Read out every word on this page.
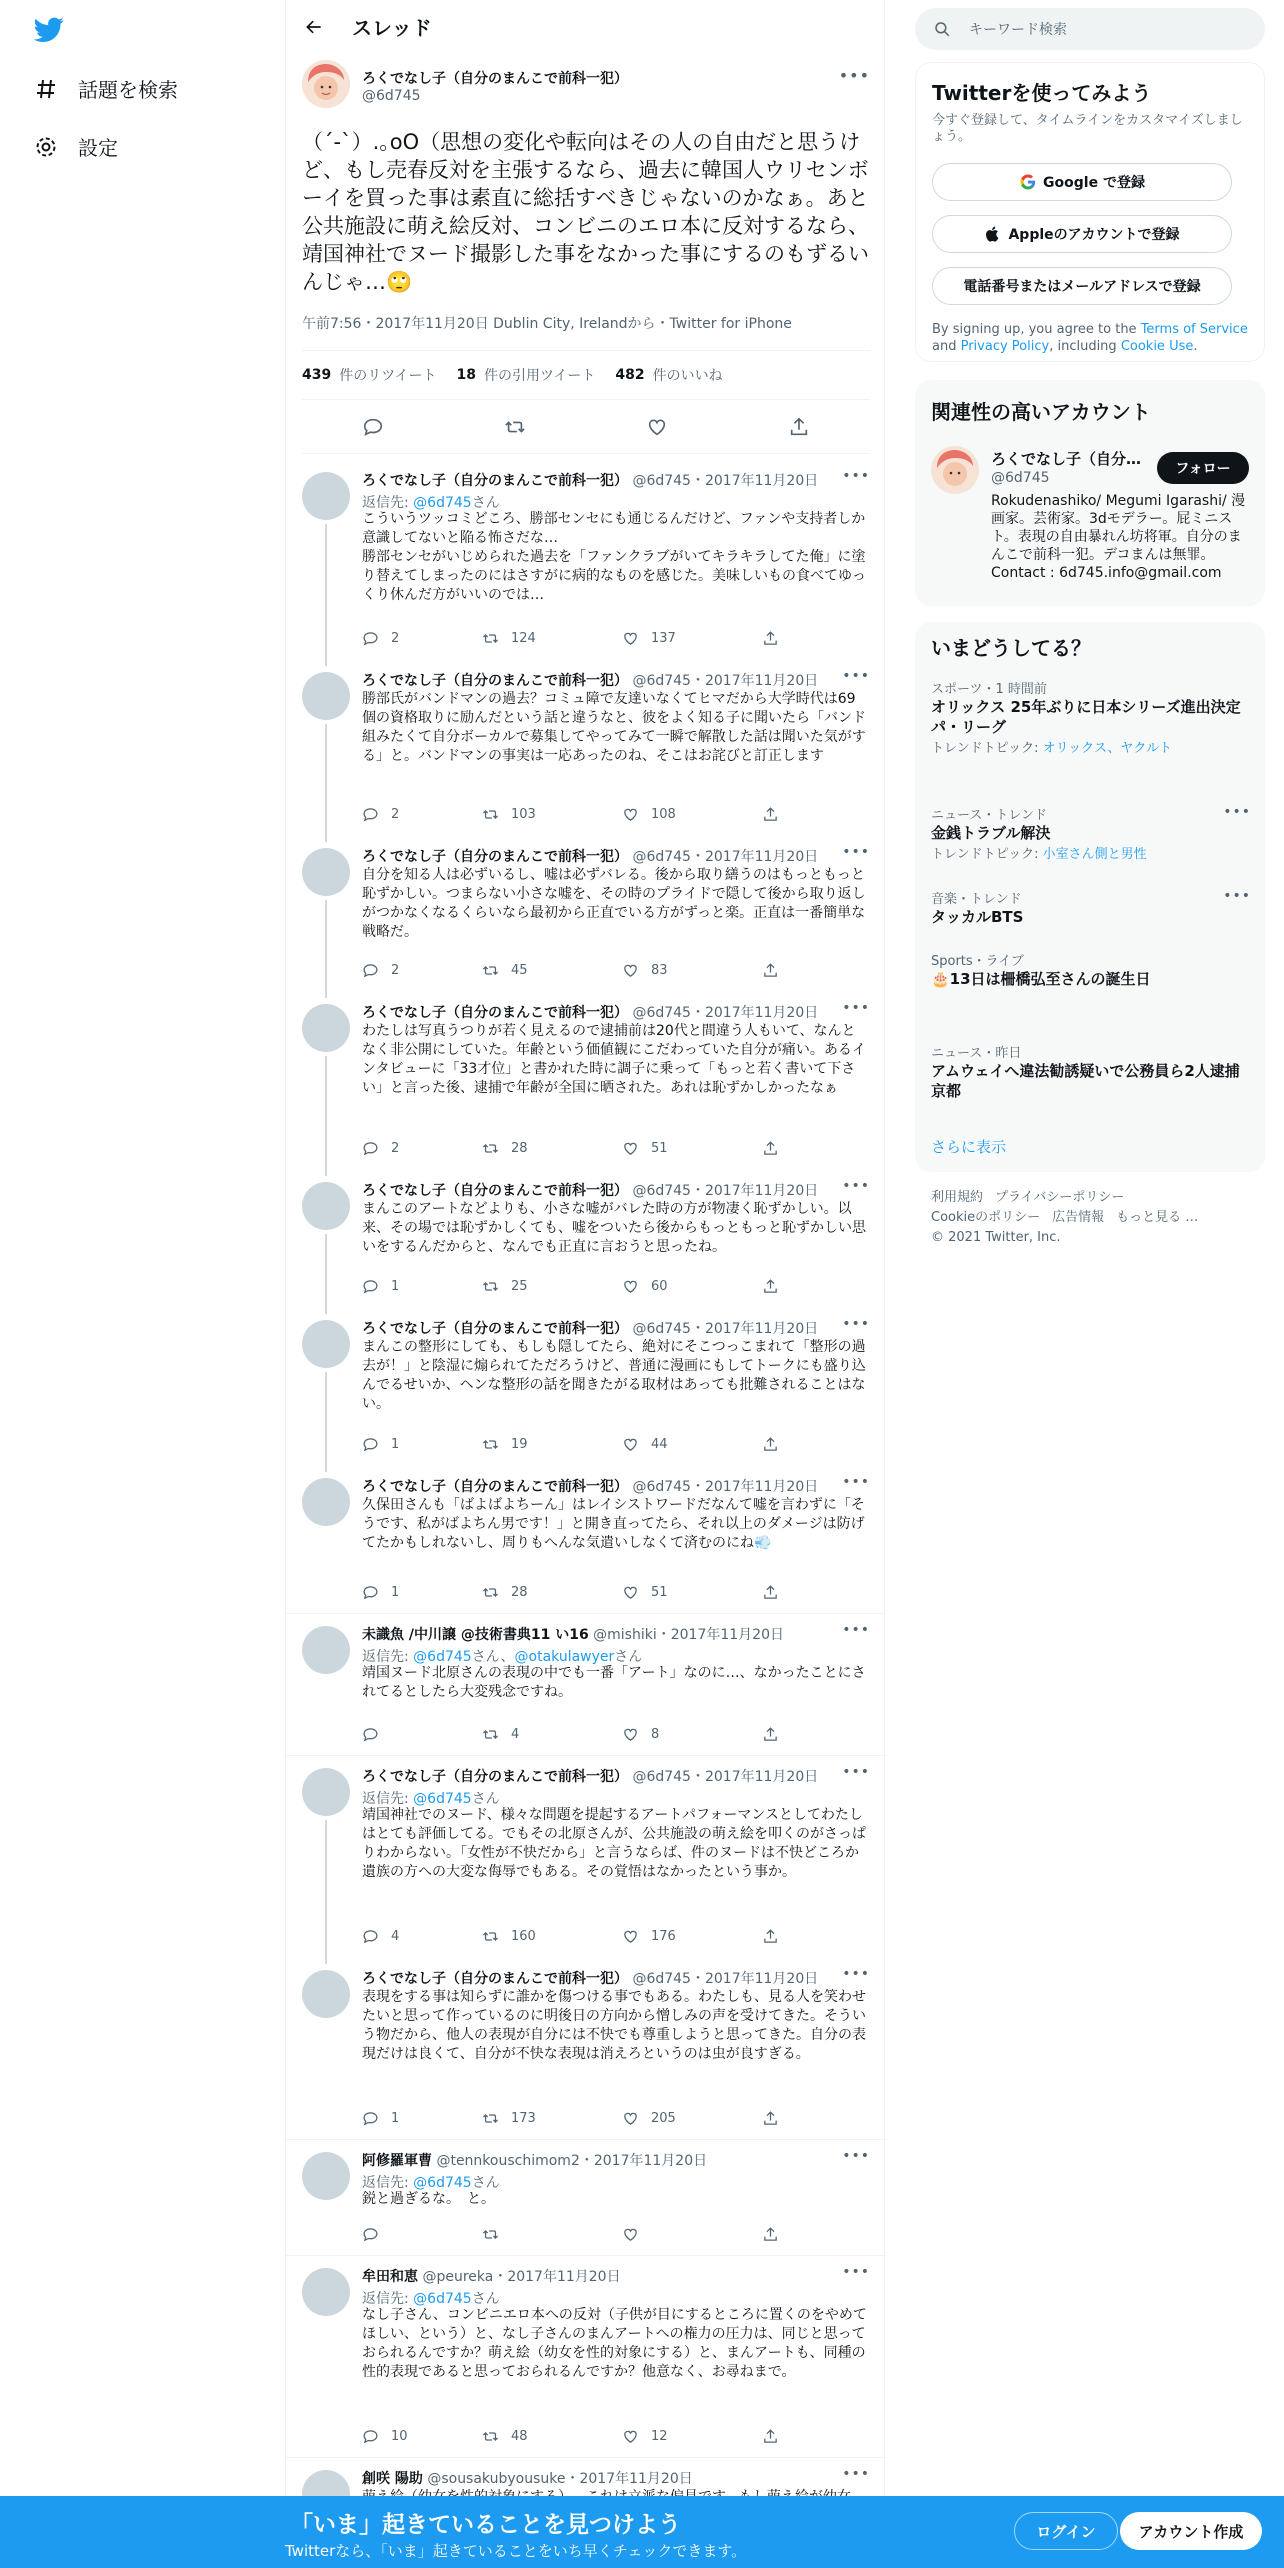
話題を検索
設定
スレッド
ろくでなし子（自分のまんこで前科一犯）
@6d745
•••
（´-`）.｡oO（思想の変化や転向はその人の自由だと思うけど、もし売春反対を主張するなら、過去に韓国人ウリセンボーイを買った事は素直に総括すべきじゃないのかなぁ。あと公共施設に萌え絵反対、コンビニのエロ本に反対するなら、靖国神社でヌード撮影した事をなかった事にするのもずるいんじゃ…🙄
午前7:56・2017年11月20日 Dublin City, Irelandから・Twitter for iPhone
439 件のリツイート 18 件の引用ツイート 482 件のいいね
ろくでなし子（自分のまんこで前科一犯） @6d745・2017年11月20日 •••
返信先: @6d745さん
こういうツッコミどころ、勝部センセにも通じるんだけど、ファンや支持者しか意識してないと陥る怖さだな…
勝部センセがいじめられた過去を「ファンクラブがいてキラキラしてた俺」に塗り替えてしまったのにはさすがに病的なものを感じた。美味しいもの食べてゆっくり休んだ方がいいのでは…
2	124	137
ろくでなし子（自分のまんこで前科一犯） @6d745・2017年11月20日 •••
勝部氏がバンドマンの過去？コミュ障で友達いなくてヒマだから大学時代は69個の資格取りに励んだという話と違うなと、彼をよく知る子に聞いたら「バンド組みたくて自分ボーカルで募集してやってみて一瞬で解散した話は聞いた気がする」と。バンドマンの事実は一応あったのね、そこはお詫びと訂正します
2	103	108
ろくでなし子（自分のまんこで前科一犯） @6d745・2017年11月20日 •••
自分を知る人は必ずいるし、嘘は必ずバレる。後から取り繕うのはもっともっと恥ずかしい。つまらない小さな嘘を、その時のプライドで隠して後から取り返しがつかなくなるくらいなら最初から正直でいる方がずっと楽。正直は一番簡単な戦略だ。
2	45	83
ろくでなし子（自分のまんこで前科一犯） @6d745・2017年11月20日 •••
わたしは写真うつりが若く見えるので逮捕前は20代と間違う人もいて、なんとなく非公開にしていた。年齢という価値観にこだわっていた自分が痛い。あるインタビューに「33才位」と書かれた時に調子に乗って「もっと若く書いて下さい」と言った後、逮捕で年齢が全国に晒された。あれは恥ずかしかったなぁ
2	28	51
ろくでなし子（自分のまんこで前科一犯） @6d745・2017年11月20日 •••
まんこのアートなどよりも、小さな嘘がバレた時の方が物凄く恥ずかしい。以来、その場では恥ずかしくても、嘘をついたら後からもっともっと恥ずかしい思いをするんだからと、なんでも正直に言おうと思ったね。
1	25	60
ろくでなし子（自分のまんこで前科一犯） @6d745・2017年11月20日 •••
まんこの整形にしても、もしも隠してたら、絶対にそこつっこまれて「整形の過去が！」と陰湿に煽られてただろうけど、普通に漫画にもしてトークにも盛り込んでるせいか、ヘンな整形の話を聞きたがる取材はあっても批難されることはない。
1	19	44
ろくでなし子（自分のまんこで前科一犯） @6d745・2017年11月20日 •••
久保田さんも「ばよばよちーん」はレイシストワードだなんて嘘を言わずに「そうです、私がばよちん男です！」と開き直ってたら、それ以上のダメージは防げてたかもしれないし、周りもへんな気遣いしなくて済むのにね💨
1	28	51
未識魚 /中川譲 @技術書典11 い16 @mishiki・2017年11月20日	•••
返信先: @6d745さん、@otakulawyerさん
靖国ヌード北原さんの表現の中でも一番「アート」なのに…、なかったことにされてるとしたら大変残念ですね。
4	8
ろくでなし子（自分のまんこで前科一犯） @6d745・2017年11月20日 •••
返信先: @6d745さん
靖国神社でのヌード、様々な問題を提起するアートパフォーマンスとしてわたしはとても評価してる。でもその北原さんが、公共施設の萌え絵を叩くのがさっぱりわからない。「女性が不快だから」と言うならば、件のヌードは不快どころか遺族の方への大変な侮辱でもある。その覚悟はなかったという事か。
4	160	176
ろくでなし子（自分のまんこで前科一犯） @6d745・2017年11月20日 •••
表現をする事は知らずに誰かを傷つける事でもある。わたしも、見る人を笑わせたいと思って作っているのに明後日の方向から憎しみの声を受けてきた。そういう物だから、他人の表現が自分には不快でも尊重しようと思ってきた。自分の表現だけは良くて、自分が不快な表現は消えろというのは虫が良すぎる。
1	173	205
阿修羅軍曹 @tennkouschimom2・2017年11月20日	•••
返信先: @6d745さん
鋭と過ぎるな。　と。
牟田和恵 @peureka・2017年11月20日	•••
返信先: @6d745さん
なし子さん、コンビニエロ本への反対（子供が目にするところに置くのをやめてほしい、という）と、なし子さんのまんアートへの権力の圧力は、同じと思っておられるんですか？萌え絵（幼女を性的対象にする）と、まんアートも、同種の性的表現であると思っておられるんですか？他意なく、お尋ねまで。
10	48	12
創咲 陽助 @sousakubyousuke・2017年11月20日	•••
キーワード検索
Twitterを使ってみよう
今すぐ登録して、タイムラインをカスタマイズしましょう。
Google で登録
Appleのアカウントで登録
電話番号またはメールアドレスで登録
By signing up, you agree to the Terms of Service and Privacy Policy, including Cookie Use.
関連性の高いアカウント
ろくでなし子（自分…
@6d745
フォロー
Rokudenashiko/ Megumi Igarashi/ 漫画家。芸術家。3dモデラー。屁ミニスト。表現の自由暴れん坊将軍。自分のまんこで前科一犯。デコまんは無罪。Contact : 6d745.info@gmail.com
いまどうしてる？
スポーツ・1 時間前
オリックス 25年ぶりに日本シリーズ進出決定 パ・リーグ
トレンドトピック: オリックス、ヤクルト
ニュース・トレンド
金銭トラブル解決
トレンドトピック: 小室さん側と男性
•••
音楽・トレンド
タッカルBTS
•••
Sports・ライブ
🎂13日は柵橋弘至さんの誕生日
ニュース・昨日
アムウェイへ違法勧誘疑いで公務員ら2人逮捕 京都
さらに表示
利用規約 プライバシーポリシー
Cookieのポリシー 広告情報 もっと見る …
© 2021 Twitter, Inc.
「いま」起きていることを見つけよう
Twitterなら、「いま」起きていることをいち早くチェックできます。
ログイン	アカウント作成
